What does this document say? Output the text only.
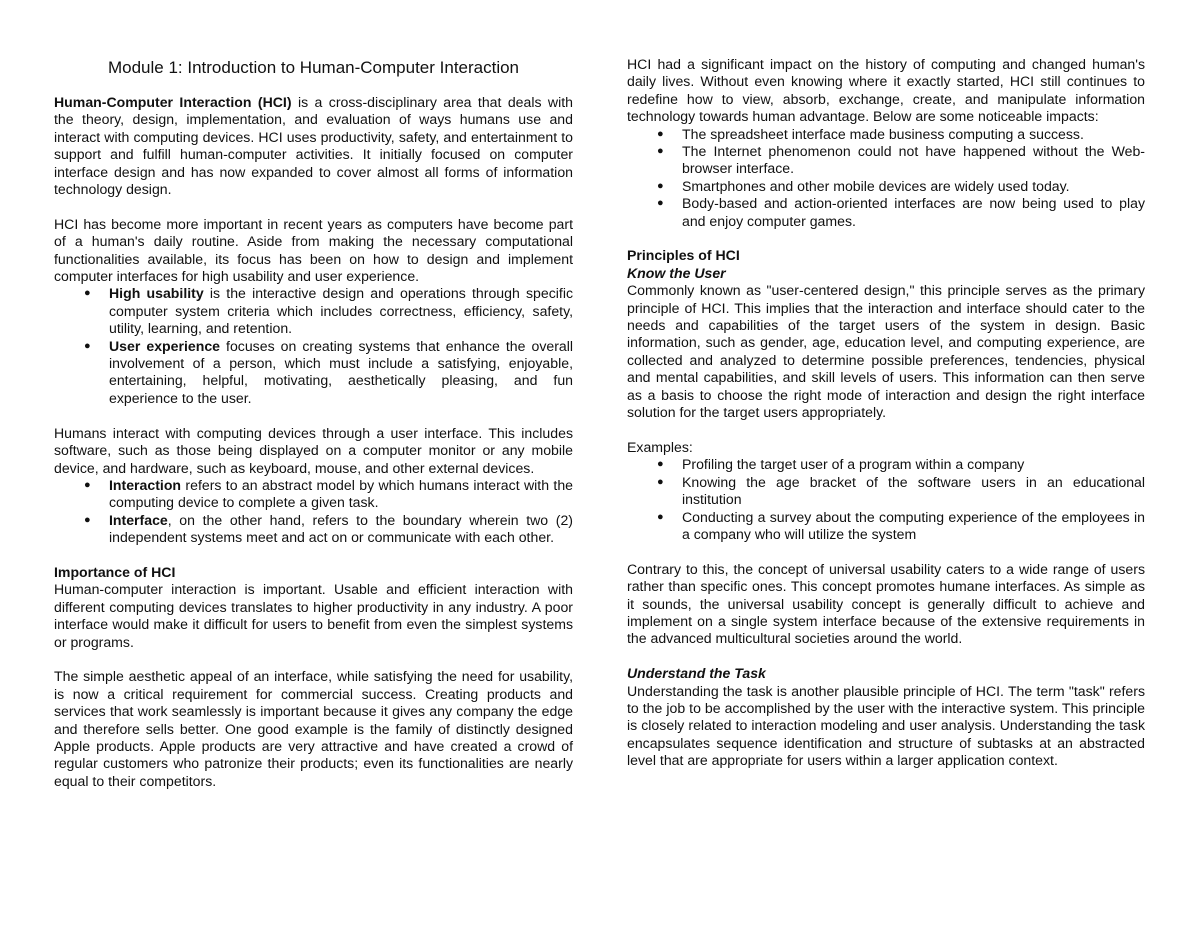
Module 1: Introduction to Human-Computer Interaction

Human-Computer Interaction (HCI) is a cross-disciplinary area that deals with the theory, design, implementation, and evaluation of ways humans use and interact with computing devices. HCI uses productivity, safety, and entertainment to support and fulfill human-computer activities. It initially focused on computer interface design and has now expanded to cover almost all forms of information technology design.

HCI has become more important in recent years as computers have become part of a human's daily routine. Aside from making the necessary computational functionalities available, its focus has been on how to design and implement computer interfaces for high usability and user experience.

● High usability is the interactive design and operations through specific computer system criteria which includes correctness, efficiency, safety, utility, learning, and retention.
● User experience focuses on creating systems that enhance the overall involvement of a person, which must include a satisfying, enjoyable, entertaining, helpful, motivating, aesthetically pleasing, and fun experience to the user.

Humans interact with computing devices through a user interface. This includes software, such as those being displayed on a computer monitor or any mobile device, and hardware, such as keyboard, mouse, and other external devices.

● Interaction refers to an abstract model by which humans interact with the computing device to complete a given task.
● Interface, on the other hand, refers to the boundary wherein two (2) independent systems meet and act on or communicate with each other.
Importance of HCI

Human-computer interaction is important. Usable and efficient interaction with different computing devices translates to higher productivity in any industry. A poor interface would make it difficult for users to benefit from even the simplest systems or programs.

The simple aesthetic appeal of an interface, while satisfying the need for usability, is now a critical requirement for commercial success. Creating products and services that work seamlessly is important because it gives any company the edge and therefore sells better. One good example is the family of distinctly designed Apple products. Apple products are very attractive and have created a crowd of regular customers who patronize their products; even its functionalities are nearly equal to their competitors.

HCI had a significant impact on the history of computing and changed human's daily lives. Without even knowing where it exactly started, HCI still continues to redefine how to view, absorb, exchange, create, and manipulate information technology towards human advantage. Below are some noticeable impacts:

● The spreadsheet interface made business computing a success.
● The Internet phenomenon could not have happened without the Web-browser interface.
● Smartphones and other mobile devices are widely used today.
● Body-based and action-oriented interfaces are now being used to play and enjoy computer games.
Principles of HCI
Know the User

Commonly known as "user-centered design," this principle serves as the primary principle of HCI. This implies that the interaction and interface should cater to the needs and capabilities of the target users of the system in design. Basic information, such as gender, age, education level, and computing experience, are collected and analyzed to determine possible preferences, tendencies, physical and mental capabilities, and skill levels of users. This information can then serve as a basis to choose the right mode of interaction and design the right interface solution for the target users appropriately.

Examples:

● Profiling the target user of a program within a company
● Knowing the age bracket of the software users in an educational institution
● Conducting a survey about the computing experience of the employees in a company who will utilize the system

Contrary to this, the concept of universal usability caters to a wide range of users rather than specific ones. This concept promotes humane interfaces. As simple as it sounds, the universal usability concept is generally difficult to achieve and implement on a single system interface because of the extensive requirements in the advanced multicultural societies around the world.

Understand the Task

Understanding the task is another plausible principle of HCI. The term "task" refers to the job to be accomplished by the user with the interactive system. This principle is closely related to interaction modeling and user analysis. Understanding the task encapsulates sequence identification and structure of subtasks at an abstracted level that are appropriate for users within a larger application context.
